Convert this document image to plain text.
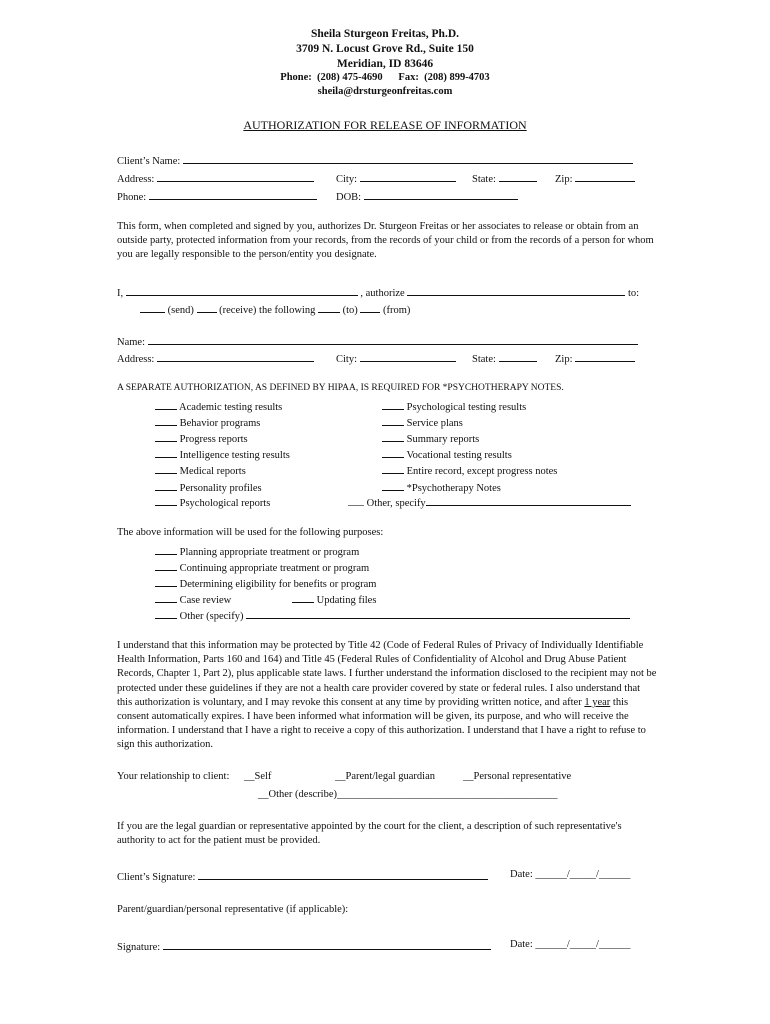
Sheila Sturgeon Freitas, Ph.D.
3709 N. Locust Grove Rd., Suite 150
Meridian, ID 83646
Phone:  (208) 475-4690      Fax:  (208) 899-4703
sheila@drsturgeonfreitas.com
AUTHORIZATION FOR RELEASE OF INFORMATION
Client’s Name:
Address:	City:	State:	Zip:
Phone:	DOB:
This form, when completed and signed by you, authorizes Dr. Sturgeon Freitas or her associates to release or obtain from an outside party, protected information from your records, from the records of your child or from the records of a person for whom you are legally responsible to the person/entity you designate.
I,	, authorize	to:
(send) (receive) the following	(to) (from)
Name:
Address:	City:	State:	Zip:
A SEPARATE AUTHORIZATION, AS DEFINED BY HIPAA, IS REQUIRED FOR *PSYCHOTHERAPY NOTES.
Academic testing results
Behavior programs
Progress reports
Intelligence testing results
Medical reports
Personality profiles
Psychological reports
Psychological testing results
Service plans
Summary reports
Vocational testing results
Entire record, except progress notes
*Psychotherapy Notes
Other, specify
The above information will be used for the following purposes:
Planning appropriate treatment or program
Continuing appropriate treatment or program
Determining eligibility for benefits or program
Case review	Updating files
Other (specify)
I understand that this information may be protected by Title 42 (Code of Federal Rules of Privacy of Individually Identifiable Health Information, Parts 160 and 164) and Title 45 (Federal Rules of Confidentiality of Alcohol and Drug Abuse Patient Records, Chapter 1, Part 2), plus applicable state laws. I further understand the information disclosed to the recipient may not be protected under these guidelines if they are not a health care provider covered by state or federal rules. I also understand that this authorization is voluntary, and I may revoke this consent at any time by providing written notice, and after 1 year this consent automatically expires. I have been informed what information will be given, its purpose, and who will receive the information. I understand that I have a right to receive a copy of this authorization. I understand that I have a right to refuse to sign this authorization.
Your relationship to client: __Self	__Parent/legal guardian	__Personal representative
__Other (describe)__________________________________________
If you are the legal guardian or representative appointed by the court for the client, a description of such representative's authority to act for the patient must be provided.
Client’s Signature:	Date: ______/_____/______
Parent/guardian/personal representative (if applicable):
Signature:	Date: ______/_____/______
